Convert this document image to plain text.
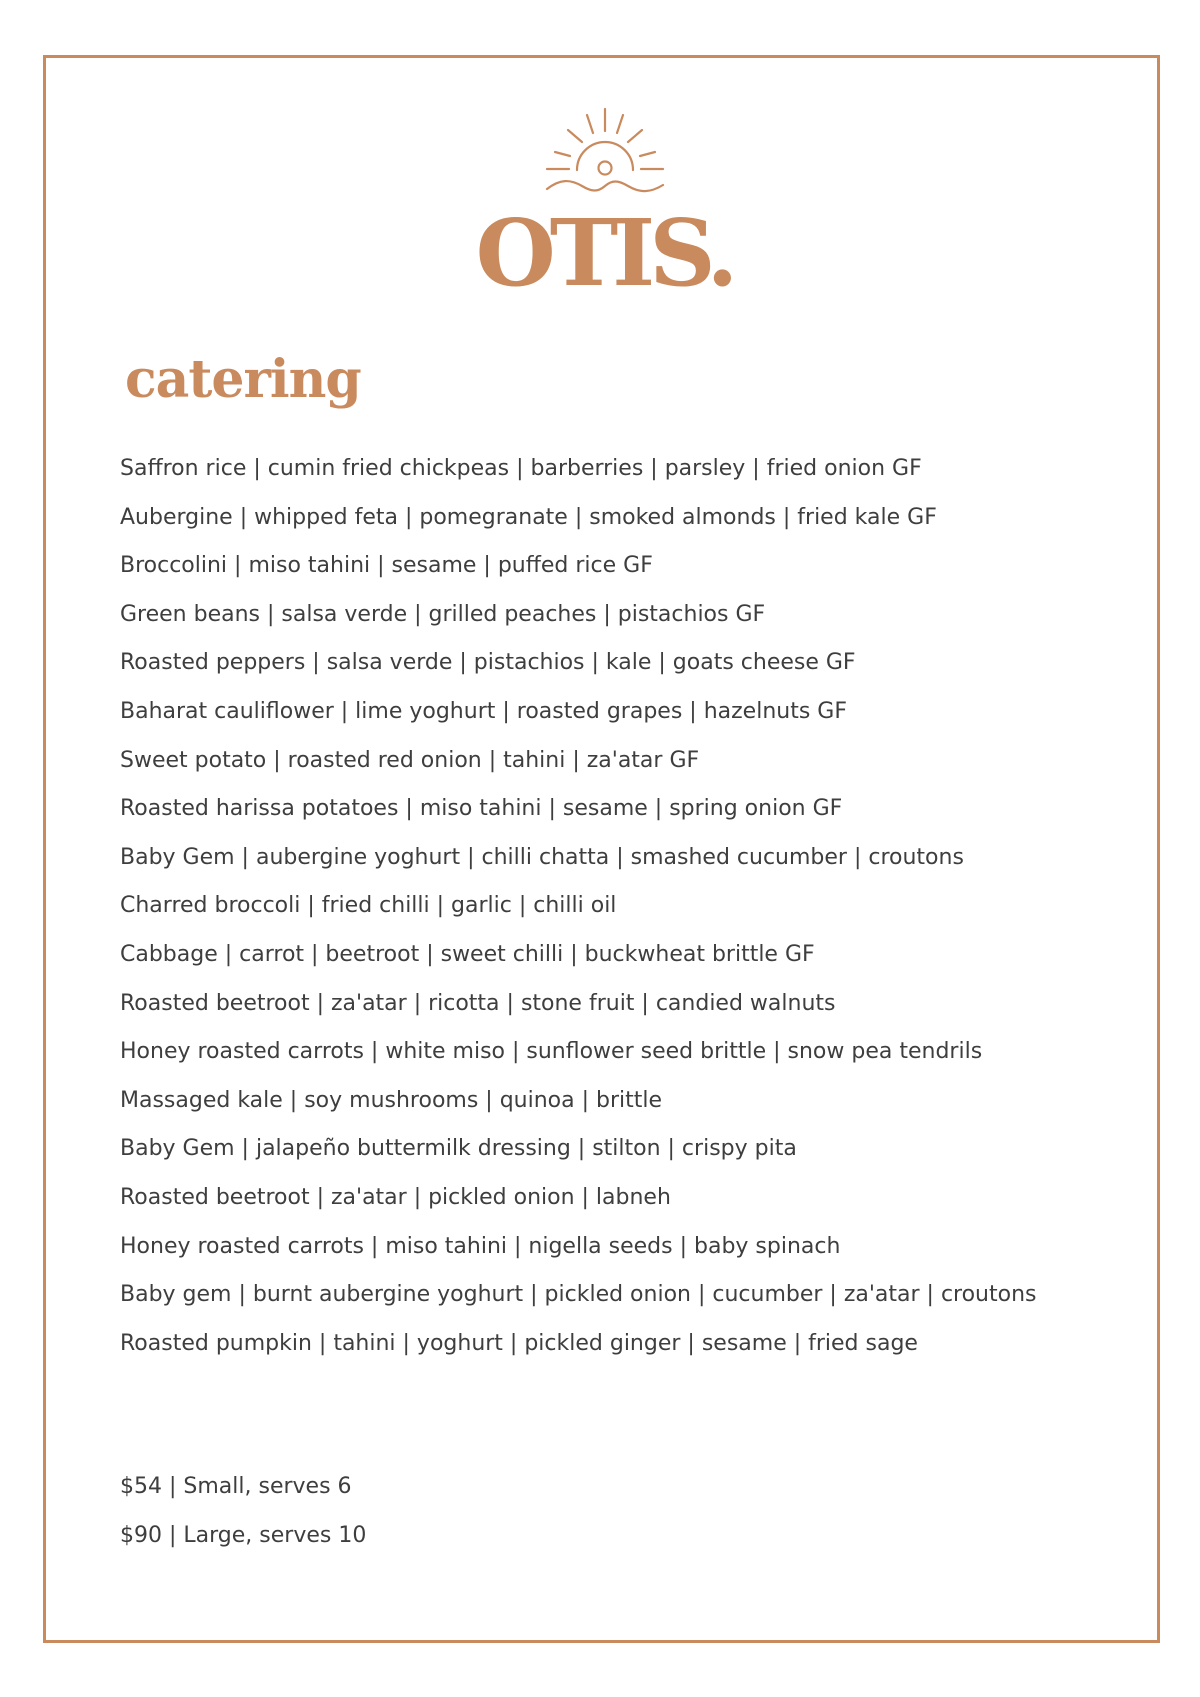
OTIS.
catering
Saffron rice | cumin fried chickpeas | barberries | parsley | fried onion GF
Aubergine | whipped feta | pomegranate | smoked almonds | fried kale GF
Broccolini | miso tahini | sesame | puffed rice GF
Green beans | salsa verde | grilled peaches | pistachios GF
Roasted peppers | salsa verde | pistachios | kale | goats cheese GF
Baharat cauliflower | lime yoghurt | roasted grapes | hazelnuts GF
Sweet potato | roasted red onion | tahini | za'atar GF
Roasted harissa potatoes | miso tahini | sesame | spring onion GF
Baby Gem | aubergine yoghurt | chilli chatta | smashed cucumber | croutons
Charred broccoli | fried chilli | garlic | chilli oil
Cabbage | carrot | beetroot | sweet chilli | buckwheat brittle GF
Roasted beetroot | za'atar | ricotta | stone fruit | candied walnuts
Honey roasted carrots | white miso | sunflower seed brittle | snow pea tendrils
Massaged kale | soy mushrooms | quinoa | brittle
Baby Gem | jalapeño buttermilk dressing | stilton | crispy pita
Roasted beetroot | za'atar | pickled onion | labneh
Honey roasted carrots | miso tahini | nigella seeds | baby spinach
Baby gem | burnt aubergine yoghurt | pickled onion | cucumber | za'atar | croutons
Roasted pumpkin | tahini | yoghurt | pickled ginger | sesame | fried sage
$54 | Small, serves 6
$90 | Large, serves 10
